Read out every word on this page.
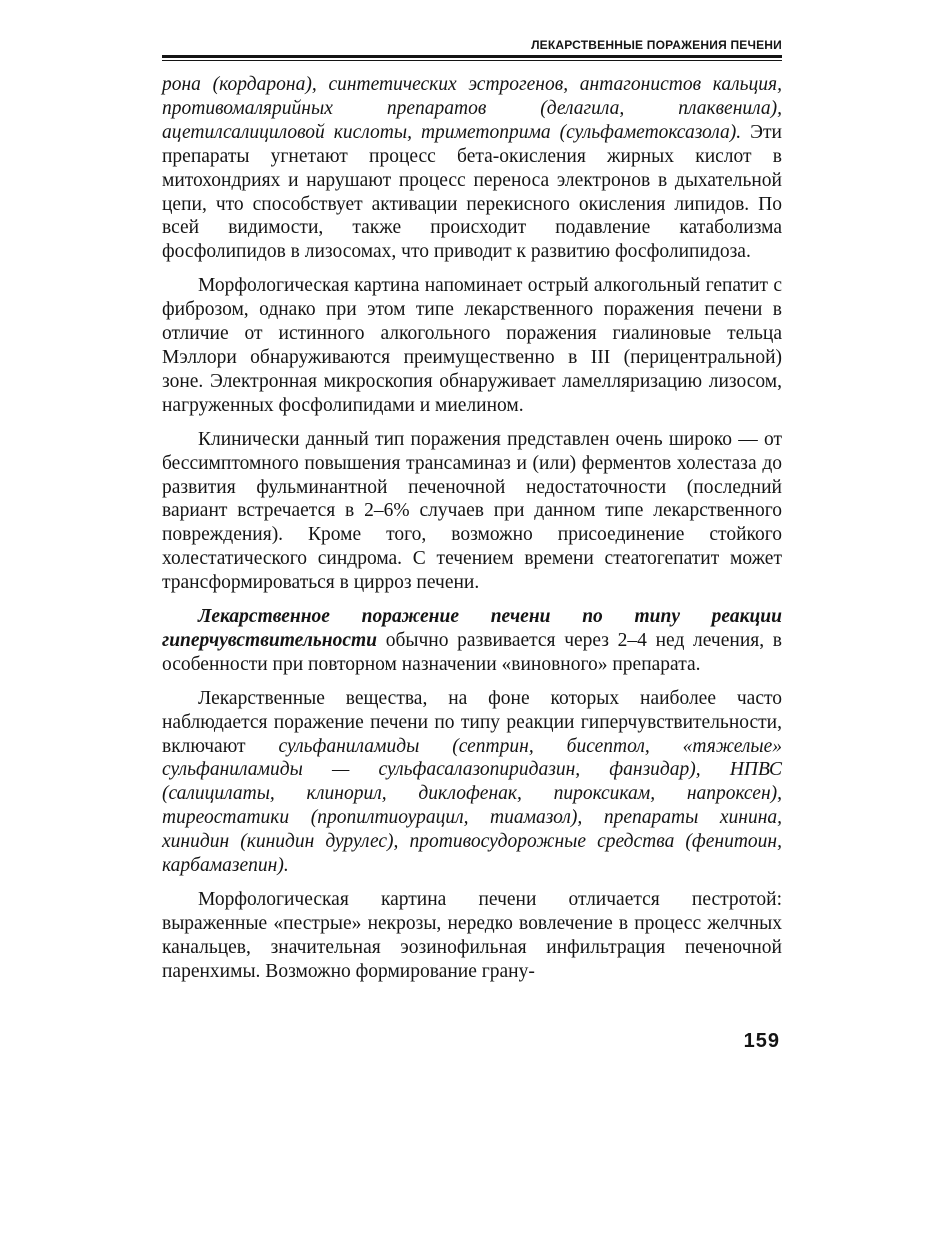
ЛЕКАРСТВЕННЫЕ ПОРАЖЕНИЯ ПЕЧЕНИ

рона (кордарона), синтетических эстрогенов, антагонистов кальция, противомалярийных препаратов (делагила, плаквенила), ацетилсалициловой кислоты, триметоприма (сульфаметоксазола). Эти препараты угнетают процесс бета-окисления жирных кислот в митохондриях и нарушают процесс переноса электронов в дыхательной цепи, что способствует активации перекисного окисления липидов. По всей видимости, также происходит подавление катаболизма фосфолипидов в лизосомах, что приводит к развитию фосфолипидоза.

Морфологическая картина напоминает острый алкогольный гепатит с фиброзом, однако при этом типе лекарственного поражения печени в отличие от истинного алкогольного поражения гиалиновые тельца Мэллори обнаруживаются преимущественно в III (перицентральной) зоне. Электронная микроскопия обнаруживает ламелляризацию лизосом, нагруженных фосфолипидами и миелином.

Клинически данный тип поражения представлен очень широко — от бессимптомного повышения трансаминаз и (или) ферментов холестаза до развития фульминантной печеночной недостаточности (последний вариант встречается в 2–6% случаев при данном типе лекарственного повреждения). Кроме того, возможно присоединение стойкого холестатического синдрома. С течением времени стеатогепатит может трансформироваться в цирроз печени.

Лекарственное поражение печени по типу реакции гиперчувствительности обычно развивается через 2–4 нед лечения, в особенности при повторном назначении «виновного» препарата.

Лекарственные вещества, на фоне которых наиболее часто наблюдается поражение печени по типу реакции гиперчувствительности, включают сульфаниламиды (септрин, бисептол, «тяжелые» сульфаниламиды — сульфасалазопиридазин, фанзидар), НПВС (салицилаты, клинорил, диклофенак, пироксикам, напроксен), тиреостатики (пропилтиоурацил, тиамазол), препараты хинина, хинидин (кинидин дурулес), противосудорожные средства (фенитоин, карбамазепин).

Морфологическая картина печени отличается пестротой: выраженные «пестрые» некрозы, нередко вовлечение в процесс желчных канальцев, значительная эозинофильная инфильтрация печеночной паренхимы. Возможно формирование грану-

159
